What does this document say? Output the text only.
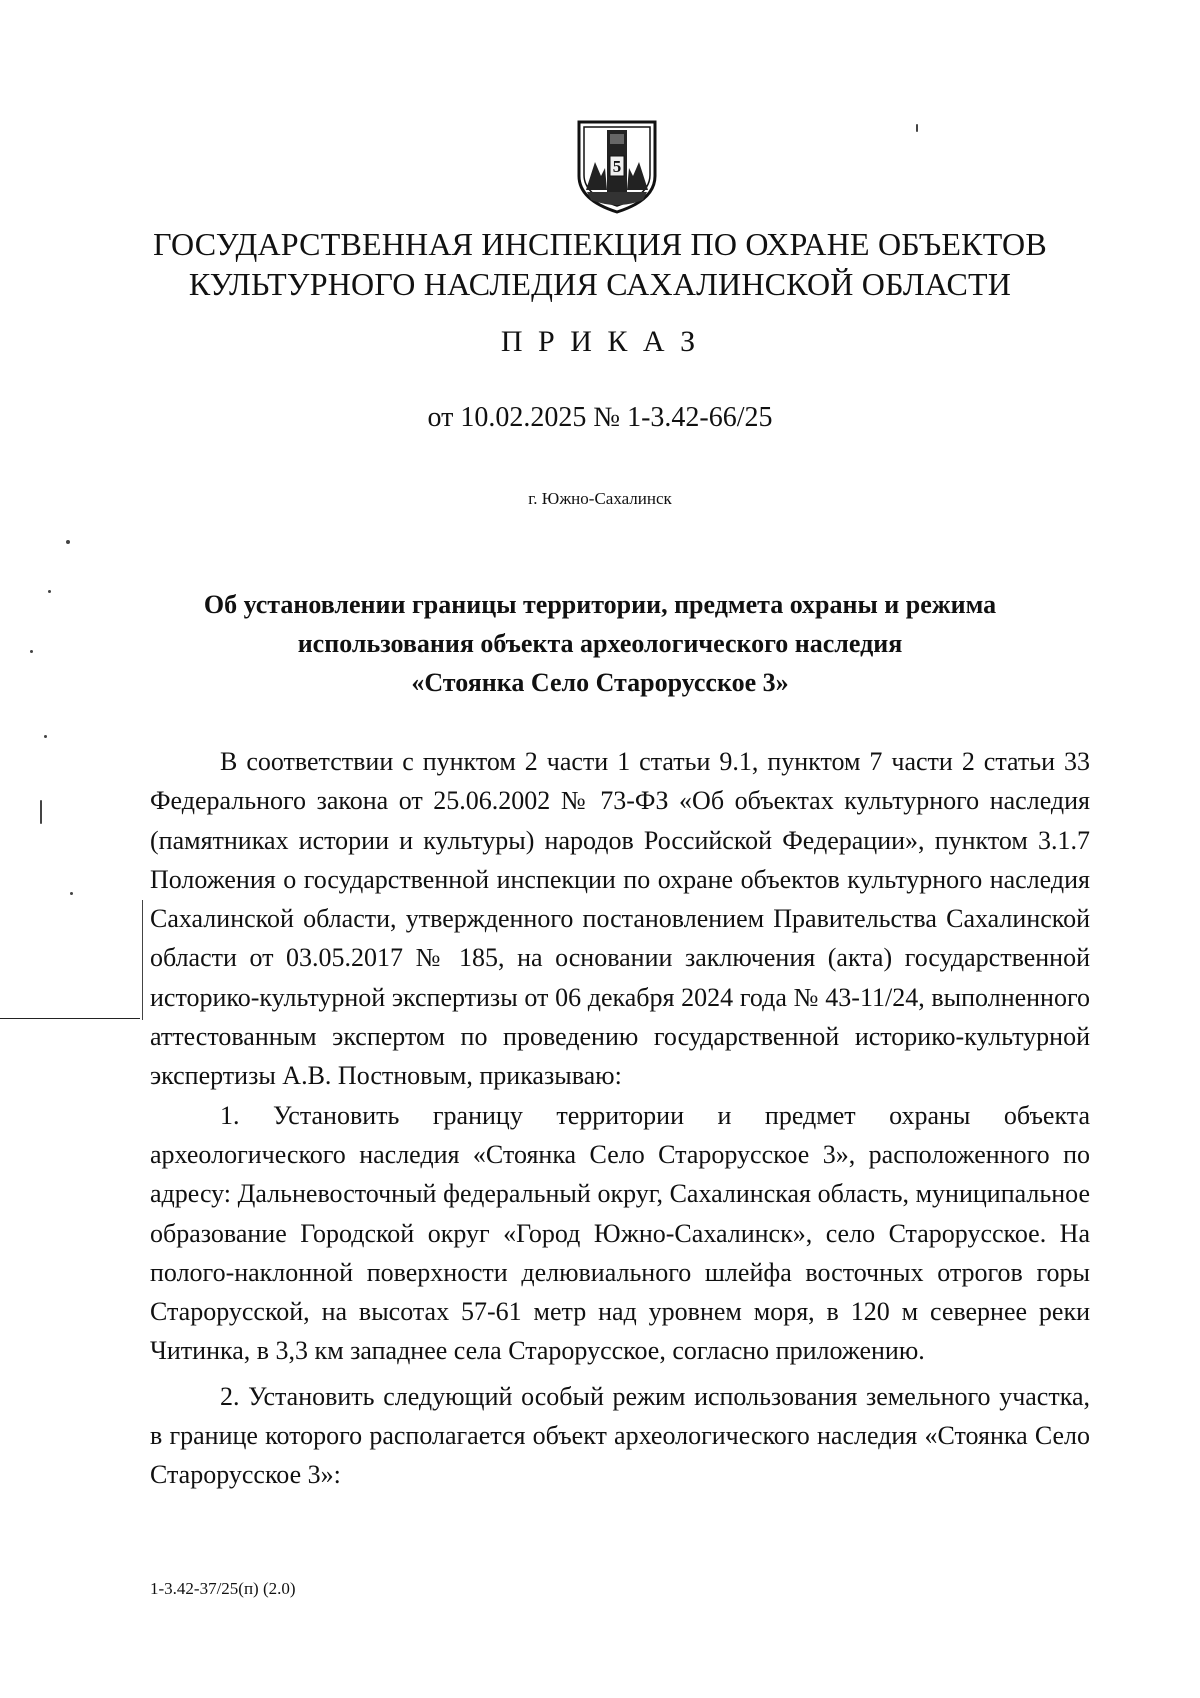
5
ГОСУДАРСТВЕННАЯ ИНСПЕКЦИЯ ПО ОХРАНЕ ОБЪЕКТОВ
КУЛЬТУРНОГО НАСЛЕДИЯ САХАЛИНСКОЙ ОБЛАСТИ
П Р И К А З
от 10.02.2025 № 1-3.42-66/25
г. Южно-Сахалинск
Об установлении границы территории, предмета охраны и режима
использования объекта археологического наследия
«Стоянка Село Старорусское 3»

В соответствии с пунктом 2 части 1 статьи 9.1, пунктом 7 части 2 статьи 33 Федерального закона от 25.06.2002 № 73-ФЗ «Об объектах культурного наследия (памятниках истории и культуры) народов Российской Федерации», пунктом 3.1.7 Положения о государственной инспекции по охране объектов культурного наследия Сахалинской области, утвержденного постановлением Правительства Сахалинской области от 03.05.2017 № 185, на основании заключения (акта) государственной историко-культурной экспертизы от 06 декабря 2024 года № 43-11/24, выполненного аттестованным экспертом по проведению государственной историко-культурной экспертизы А.В. Постновым, приказываю:

1. Установить границу территории и предмет охраны объекта археологического наследия «Стоянка Село Старорусское 3», расположенного по адресу: Дальневосточный федеральный округ, Сахалинская область, муниципальное образование Городской округ «Город Южно-Сахалинск», село Старорусское. На полого-наклонной поверхности делювиального шлейфа восточных отрогов горы Старорусской, на высотах 57-61 метр над уровнем моря, в 120 м севернее реки Читинка, в 3,3 км западнее села Старорусское, согласно приложению.

2. Установить следующий особый режим использования земельного участка, в границе которого располагается объект археологического наследия «Стоянка Село Старорусское 3»:

1-3.42-37/25(п) (2.0)
